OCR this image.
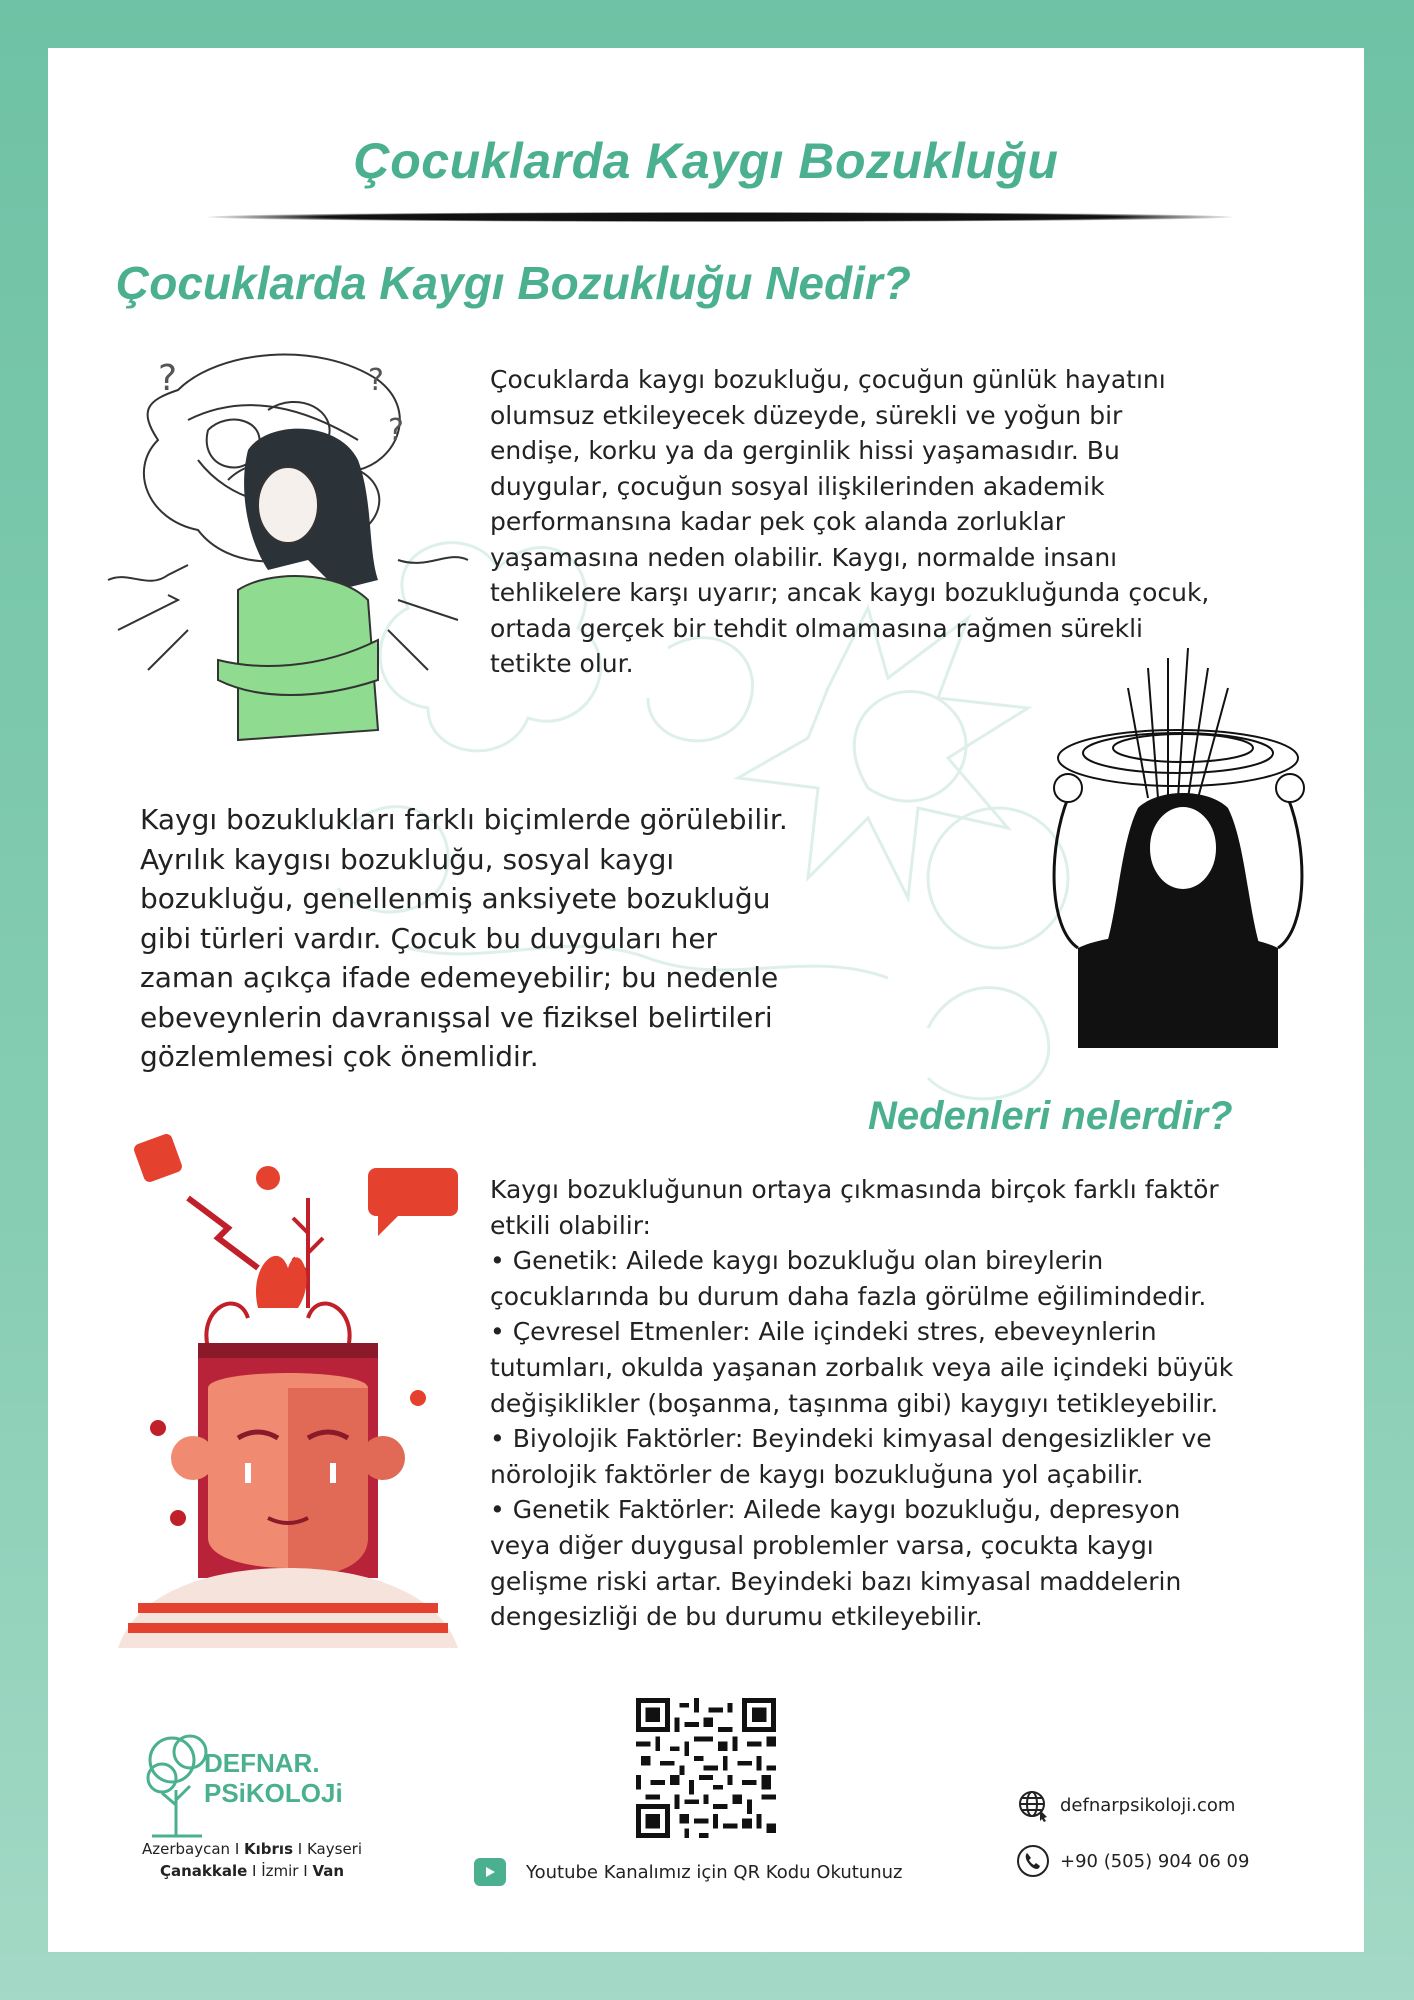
Çocuklarda Kaygı Bozukluğu
Çocuklarda Kaygı Bozukluğu Nedir?
?	?
?

Çocuklarda kaygı bozukluğu, çocuğun günlük hayatını
olumsuz etkileyecek düzeyde, sürekli ve yoğun bir
endişe, korku ya da gerginlik hissi yaşamasıdır. Bu
duygular, çocuğun sosyal ilişkilerinden akademik
performansına kadar pek çok alanda zorluklar
yaşamasına neden olabilir. Kaygı, normalde insanı
tehlikelere karşı uyarır; ancak kaygı bozukluğunda çocuk,
ortada gerçek bir tehdit olmamasına rağmen sürekli
tetikte olur.

Kaygı bozuklukları farklı biçimlerde görülebilir.
Ayrılık kaygısı bozukluğu, sosyal kaygı
bozukluğu, genellenmiş anksiyete bozukluğu
gibi türleri vardır. Çocuk bu duyguları her
zaman açıkça ifade edemeyebilir; bu nedenle
ebeveynlerin davranışsal ve fiziksel belirtileri
gözlemlemesi çok önemlidir.

Nedenleri nelerdir?

Kaygı bozukluğunun ortaya çıkmasında birçok farklı faktör
etkili olabilir:
• Genetik: Ailede kaygı bozukluğu olan bireylerin
çocuklarında bu durum daha fazla görülme eğilimindedir.
• Çevresel Etmenler: Aile içindeki stres, ebeveynlerin
tutumları, okulda yaşanan zorbalık veya aile içindeki büyük
değişiklikler (boşanma, taşınma gibi) kaygıyı tetikleyebilir.
• Biyolojik Faktörler: Beyindeki kimyasal dengesizlikler ve
nörolojik faktörler de kaygı bozukluğuna yol açabilir.
• Genetik Faktörler: Ailede kaygı bozukluğu, depresyon
veya diğer duygusal problemler varsa, çocukta kaygı
gelişme riski artar. Beyindeki bazı kimyasal maddelerin
dengesizliği de bu durumu etkileyebilir.

DEFNAR.
PSiKOLOJi
Azerbaycan I Kıbrıs I Kayseri
Çanakkale I İzmir I Van	Youtube Kanalımız için QR Kodu Okutunuz
defnarpsikoloji.com
+90 (505) 904 06 09
